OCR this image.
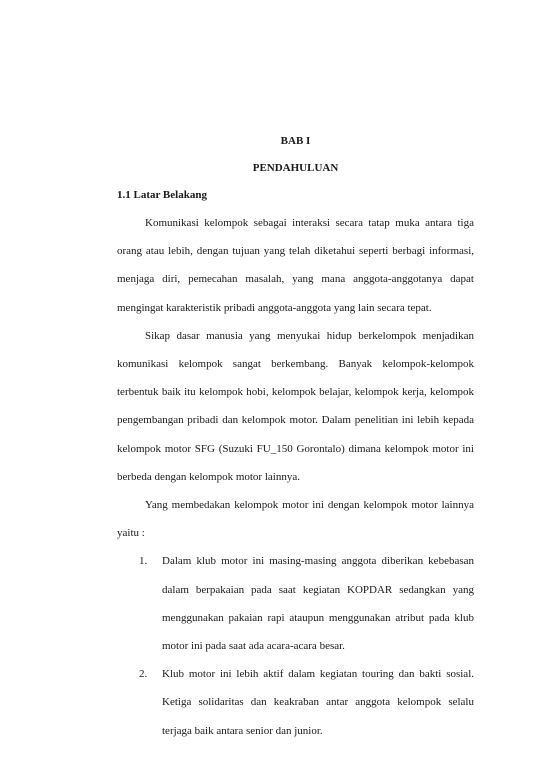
BAB I
PENDAHULUAN
1.1 Latar Belakang

Komunikasi kelompok sebagai interaksi secara tatap muka antara tiga orang atau lebih, dengan tujuan yang telah diketahui seperti berbagi informasi, menjaga diri, pemecahan masalah, yang mana anggota-anggotanya dapat mengingat karakteristik pribadi anggota-anggota yang lain secara tepat.

Sikap dasar manusia yang menyukai hidup berkelompok menjadikan komunikasi kelompok sangat berkembang. Banyak kelompok-kelompok terbentuk baik itu kelompok hobi, kelompok belajar, kelompok kerja, kelompok pengembangan pribadi dan kelompok motor. Dalam penelitian ini lebih kepada kelompok motor SFG (Suzuki FU_150 Gorontalo) dimana kelompok motor ini berbeda dengan kelompok motor lainnya.

Yang membedakan kelompok motor ini dengan kelompok motor lainnya yaitu :

1. Dalam klub motor ini masing-masing anggota diberikan kebebasan dalam berpakaian pada saat kegiatan KOPDAR sedangkan yang menggunakan pakaian rapi ataupun menggunakan atribut pada klub motor ini pada saat ada acara-acara besar.
2. Klub motor ini lebih aktif dalam kegiatan touring dan bakti sosial. Ketiga solidaritas dan keakraban antar anggota kelompok selalu terjaga baik antara senior dan junior.
